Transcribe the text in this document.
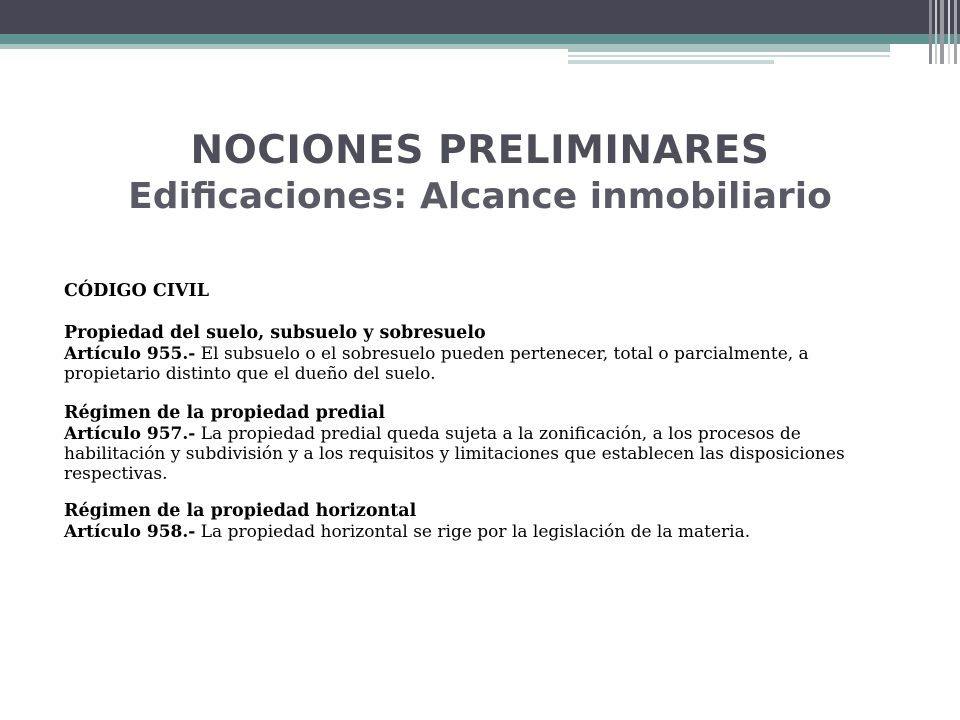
NOCIONES PRELIMINARES
Edificaciones: Alcance inmobiliario

CÓDIGO CIVIL

Propiedad del suelo, subsuelo y sobresuelo

Artículo 955.- El subsuelo o el sobresuelo pueden pertenecer, total o parcialmente, a propietario distinto que el dueño del suelo.

Régimen de la propiedad predial

Artículo 957.- La propiedad predial queda sujeta a la zonificación, a los procesos de habilitación y subdivisión y a los requisitos y limitaciones que establecen las disposiciones respectivas.

Régimen de la propiedad horizontal

Artículo 958.- La propiedad horizontal se rige por la legislación de la materia.
